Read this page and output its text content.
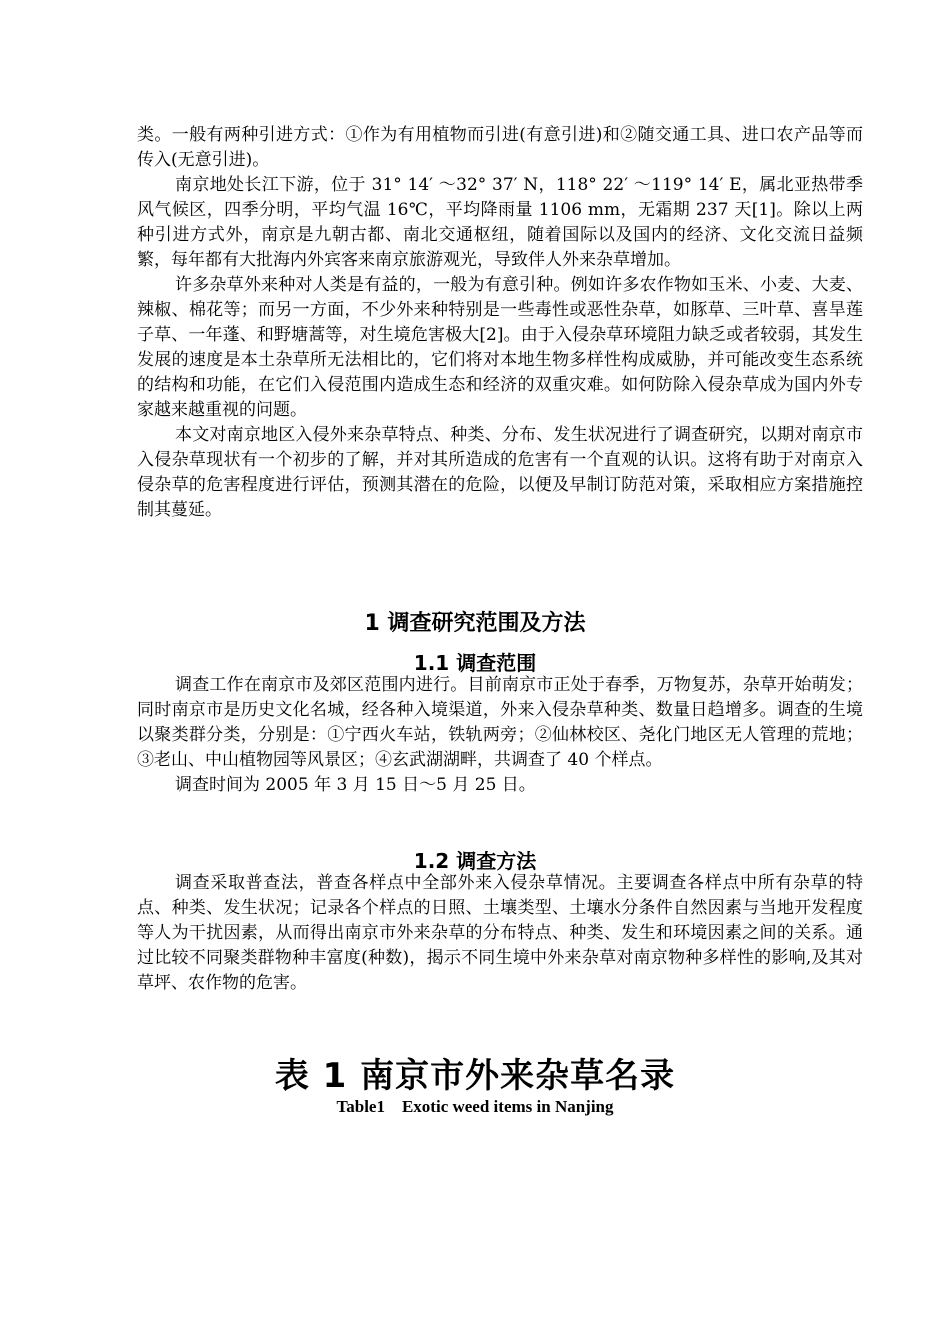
类。一般有两种引进方式：①作为有用植物而引进(有意引进)和②随交通工具、进口农产品等而传入(无意引进)。

南京地处长江下游，位于 31° 14′ ～32° 37′ N，118° 22′ ～119° 14′ E，属北亚热带季风气候区，四季分明，平均气温 16℃，平均降雨量 1106 mm，无霜期 237 天[1]。除以上两种引进方式外，南京是九朝古都、南北交通枢纽，随着国际以及国内的经济、文化交流日益频繁，每年都有大批海内外宾客来南京旅游观光，导致伴人外来杂草增加。

许多杂草外来种对人类是有益的，一般为有意引种。例如许多农作物如玉米、小麦、大麦、辣椒、棉花等；而另一方面，不少外来种特别是一些毒性或恶性杂草，如豚草、三叶草、喜旱莲子草、一年蓬、和野塘蒿等，对生境危害极大[2]。由于入侵杂草环境阻力缺乏或者较弱，其发生发展的速度是本土杂草所无法相比的，它们将对本地生物多样性构成威胁，并可能改变生态系统的结构和功能，在它们入侵范围内造成生态和经济的双重灾难。如何防除入侵杂草成为国内外专家越来越重视的问题。

本文对南京地区入侵外来杂草特点、种类、分布、发生状况进行了调查研究，以期对南京市入侵杂草现状有一个初步的了解，并对其所造成的危害有一个直观的认识。这将有助于对南京入侵杂草的危害程度进行评估，预测其潜在的危险，以便及早制订防范对策，采取相应方案措施控制其蔓延。

1 调查研究范围及方法
1.1 调查范围

调查工作在南京市及郊区范围内进行。目前南京市正处于春季，万物复苏，杂草开始萌发；同时南京市是历史文化名城，经各种入境渠道，外来入侵杂草种类、数量日趋增多。调查的生境以聚类群分类，分别是：①宁西火车站，铁轨两旁；②仙林校区、尧化门地区无人管理的荒地；③老山、中山植物园等风景区；④玄武湖湖畔，共调查了 40 个样点。

调查时间为 2005 年 3 月 15 日～5 月 25 日。

1.2 调查方法

调查采取普查法，普查各样点中全部外来入侵杂草情况。主要调查各样点中所有杂草的特点、种类、发生状况；记录各个样点的日照、土壤类型、土壤水分条件自然因素与当地开发程度等人为干扰因素，从而得出南京市外来杂草的分布特点、种类、发生和环境因素之间的关系。通过比较不同聚类群物种丰富度(种数)，揭示不同生境中外来杂草对南京物种多样性的影响,及其对草坪、农作物的危害。

表 1 南京市外来杂草名录
Table1    Exotic weed items in Nanjing
